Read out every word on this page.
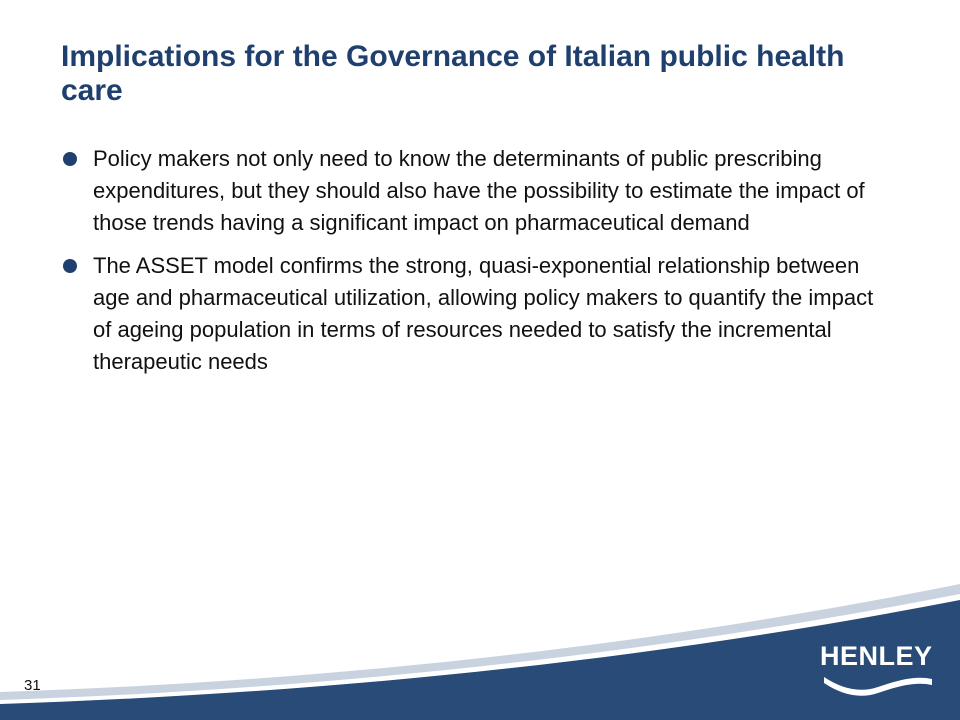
Implications for the Governance of Italian public health care
Policy makers not only need to know the determinants of public prescribing expenditures, but they should also have the possibility to estimate the impact of those trends having a significant impact on pharmaceutical demand
The ASSET model confirms the strong, quasi-exponential relationship between age and pharmaceutical utilization, allowing policy makers to quantify the impact of ageing population in terms of resources needed to satisfy the incremental therapeutic needs
31
HENLEY
